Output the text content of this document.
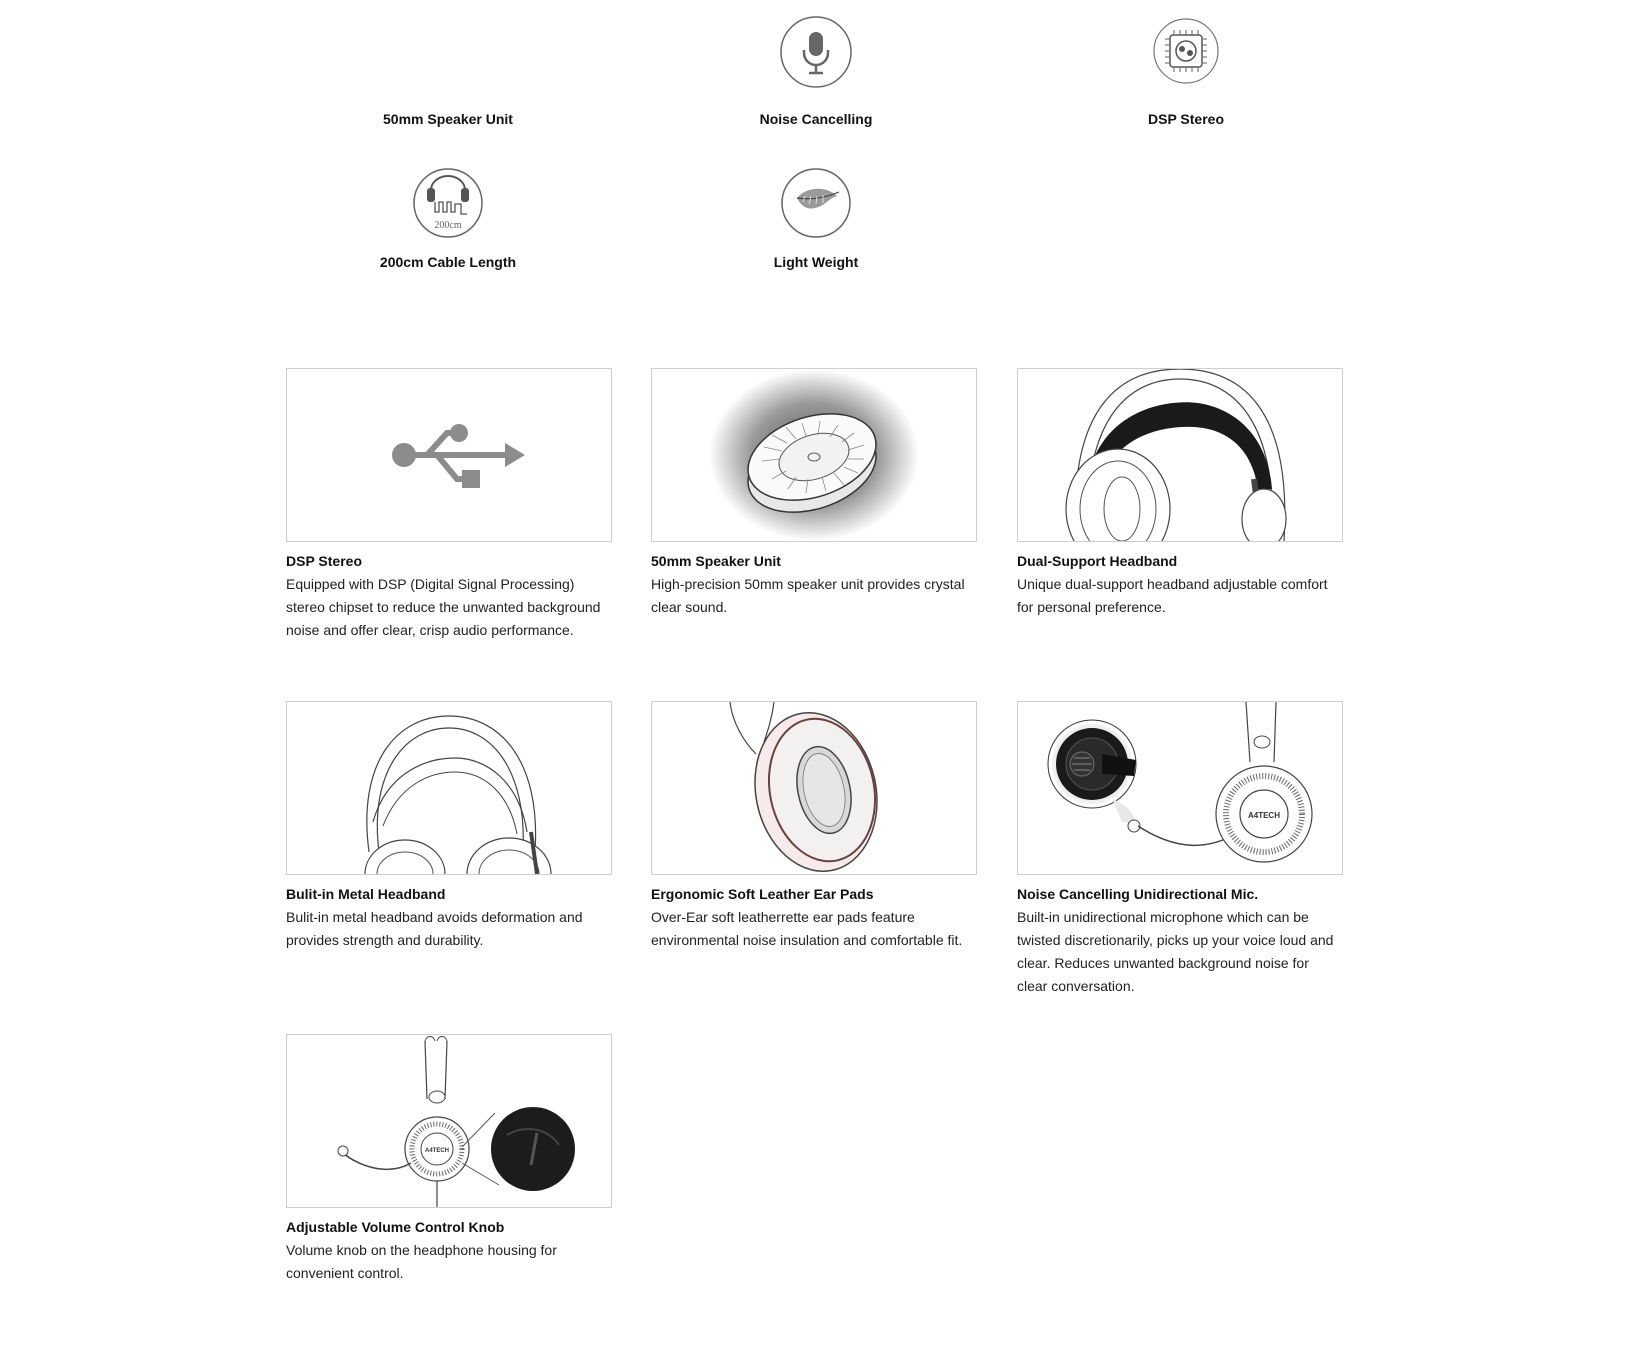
50mm Speaker Unit	Noise Cancelling	DSP Stereo
200cm
200cm Cable Length	Light Weight
DSP Stereo
Equipped with DSP (Digital Signal Processing) stereo chipset to reduce the unwanted background noise and offer clear, crisp audio performance.
50mm Speaker Unit
High-precision 50mm speaker unit provides crystal clear sound.
Dual-Support Headband
Unique dual-support headband adjustable comfort for personal preference.
Bulit-in Metal Headband
Bulit-in metal headband avoids deformation and provides strength and durability.
Ergonomic Soft Leather Ear Pads
Over-Ear soft leatherrette ear pads feature environmental noise insulation and comfortable fit.
A4TECH
Noise Cancelling Unidirectional Mic.
Built-in unidirectional microphone which can be twisted discretionarily, picks up your voice loud and clear. Reduces unwanted background noise for clear conversation.
A4TECH
Adjustable Volume Control Knob
Volume knob on the headphone housing for convenient control.
